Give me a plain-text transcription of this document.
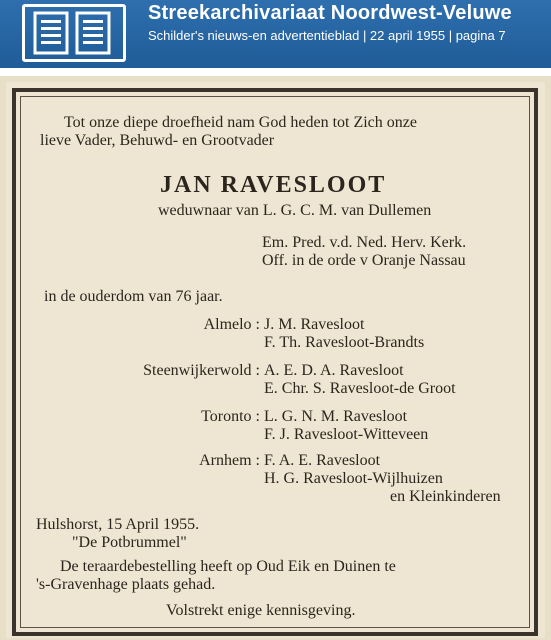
Streekarchivariaat Noordwest-Veluwe
Schilder's nieuws-en advertentieblad | 22 april 1955 | pagina 7
Tot onze diepe droefheid nam God heden tot Zich onze
lieve Vader, Behuwd- en Grootvader
JAN RAVESLOOT
weduwnaar van L. G. C. M. van Dullemen
Em. Pred. v.d. Ned. Herv. Kerk.
Off. in de orde v Oranje Nassau
in de ouderdom van 76 jaar.
Almelo : J. M. Ravesloot
F. Th. Ravesloot-Brandts
Steenwijkerwold : A. E. D. A. Ravesloot
E. Chr. S. Ravesloot-de Groot
Toronto : L. G. N. M. Ravesloot
F. J. Ravesloot-Witteveen
Arnhem : F. A. E. Ravesloot
H. G. Ravesloot-Wijlhuizen
en Kleinkinderen
Hulshorst, 15 April 1955.
"De Potbrummel"
De teraardebestelling heeft op Oud Eik en Duinen te
's-Gravenhage plaats gehad.
Volstrekt enige kennisgeving.
